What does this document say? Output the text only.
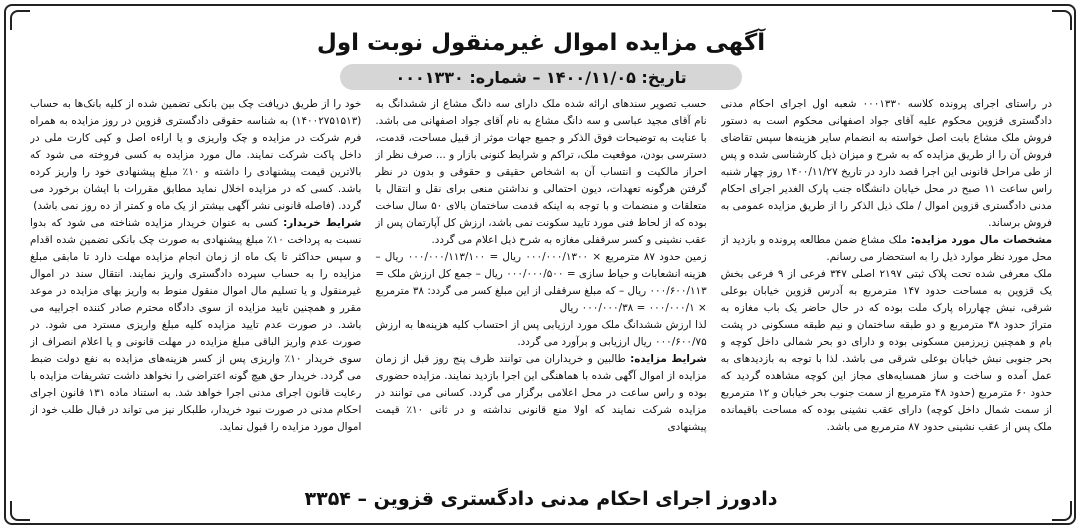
آگهی مزایده اموال غیرمنقول نوبت اول
تاریخ: ۱۴۰۰/۱۱/۰۵ – شماره: ۰۰۰۱۳۳۰

در راستای اجرای پرونده کلاسه ۰۰۰۱۳۳۰ شعبه اول اجرای احکام مدنی دادگستری قزوین محکوم علیه آقای جواد اصفهانی محکوم است به دستور فروش ملک مشاع بابت اصل خواسته به انضمام سایر هزینه‌ها سپس تقاضای فروش آن را از طریق مزایده که به شرح و میزان ذیل کارشناسی شده و پس از طی مراحل قانونی این اجرا قصد دارد در تاریخ ۱۴۰۰/۱۱/۲۷ روز چهار شنبه راس ساعت ۱۱ صبح در محل خیابان دانشگاه جنب پارک الغدیر اجرای احکام مدنی دادگستری قزوین اموال / ملک ذیل الذکر را از طریق مزایده عمومی به فروش برساند.

مشخصات مال مورد مزایده: ملک مشاع ضمن مطالعه پرونده و بازدید از محل مورد نظر موارد ذیل را به استحضار می رسانم.

ملک معرفی شده تحت پلاک ثبتی ۲۱۹۷ اصلی ۳۴۷ فرعی از ۹ فرعی بخش یک قزوین به مساحت حدود ۱۴۷ مترمربع به آدرس قزوین خیابان بوعلی شرقی، نبش چهارراه پارک ملت بوده که در حال حاضر یک باب مغازه به متراژ حدود ۳۸ مترمربع و دو طبقه ساختمان و نیم طبقه مسکونی در پشت بام و همچنین زیرزمین مسکونی بوده و دارای دو بحر شمالی داخل کوچه و بحر جنوبی نبش خیابان بوعلی شرقی می باشد. لذا با توجه به بازدیدهای به عمل آمده و ساخت و ساز همسایه‌های مجاز این کوچه مشاهده گردید که حدود ۶۰ مترمربع (حدود ۴۸ مترمربع از سمت جنوب بحر خیابان و ۱۲ مترمربع از سمت شمال داخل کوچه) دارای عقب نشینی بوده که مساحت باقیمانده ملک پس از عقب نشینی حدود ۸۷ مترمربع می باشد.

حسب تصویر سندهای ارائه شده ملک دارای سه دانگ مشاع از ششدانگ به نام آقای مجید عباسی و سه دانگ مشاع به نام آقای جواد اصفهانی می باشد. با عنایت به توضیحات فوق الذکر و جمیع جهات موثر از قبیل مساحت، قدمت، دسترسی بودن، موقعیت ملک، تراکم و شرایط کنونی بازار و ... صرف نظر از احراز مالکیت و انتساب آن به اشخاص حقیقی و حقوقی و بدون در نظر گرفتن هرگونه تعهدات، دیون احتمالی و نداشتن منعی برای نقل و انتقال با متعلقات و منضمات و با توجه به اینکه قدمت ساختمان بالای ۵۰ سال ساخت بوده که از لحاظ فنی مورد تایید سکونت نمی باشد، ارزش کل آپارتمان پس از عقب نشینی و کسر سرقفلی مغازه به شرح ذیل اعلام می گردد.

زمین حدود ۸۷ مترمربع × ۰۰۰/۰۰۰/۱۳۰۰ ریال = ۰۰۰/۰۰۰/۱۱۳/۱۰۰ ریال – هزینه انشعابات و حیاط سازی = ۰۰۰/۰۰۰/۵۰۰ ریال – جمع کل ارزش ملک = ۰۰۰/۶۰۰/۱۱۳ ریال – که مبلغ سرقفلی از این مبلغ کسر می گردد: ۳۸ مترمربع × ۰۰۰/۰۰۰/۱ = ۰۰۰/۰۰۰/۳۸ ریال

لذا ارزش ششدانگ ملک مورد ارزیابی پس از احتساب کلیه هزینه‌ها به ارزش ۰۰۰/۶۰۰/۷۵ ریال ارزیابی و برآورد می گردد.

شرایط مزایده: طالبین و خریداران می توانند ظرف پنج روز قبل از زمان مزایده از اموال آگهی شده با هماهنگی این اجرا بازدید نمایند. مزایده حضوری بوده و راس ساعت در محل اعلامی برگزار می گردد. کسانی می توانند در مزایده شرکت نمایند که اولا منع قانونی نداشته و در ثانی ۱۰٪ قیمت پیشنهادی

خود را از طریق دریافت چک بین بانکی تضمین شده از کلیه بانک‌ها به حساب (۱۴۰۰۲۷۵۱۵۱۳) به شناسه حقوقی دادگستری قزوین در روز مزایده به همراه فرم شرکت در مزایده و چک واریزی و یا اراءه اصل و کپی کارت ملی در داخل پاکت شرکت نمایند. مال مورد مزایده به کسی فروخته می شود که بالاترین قیمت پیشنهادی را داشته و ۱۰٪ مبلغ پیشنهادی خود را واریز کرده باشد. کسی که در مزایده اخلال نماید مطابق مقررات با ایشان برخورد می گردد. (فاصله قانونی نشر آگهی بیشتر از یک ماه و کمتر از ده روز نمی باشد)

شرایط خریدار: کسی به عنوان خریدار مزایده شناخته می شود که بدوا نسبت به پرداخت ۱۰٪ مبلغ پیشنهادی به صورت چک بانکی تضمین شده اقدام و سپس حداکثر تا یک ماه از زمان انجام مزایده مهلت دارد تا مابقی مبلغ مزایده را به حساب سپرده دادگستری واریز نمایند. انتقال سند در اموال غیرمنقول و یا تسلیم مال اموال منقول منوط به واریز بهای مزایده در موعد مقرر و همچنین تایید مزایده از سوی دادگاه محترم صادر کننده اجراییه می باشد. در صورت عدم تایید مزایده کلیه مبلغ واریزی مسترد می شود. در صورت عدم واریز الباقی مبلغ مزایده در مهلت قانونی و یا اعلام انصراف از سوی خریدار ۱۰٪ واریزی پس از کسر هزینه‌های مزایده به نفع دولت ضبط می گردد. خریدار حق هیچ گونه اعتراضی را نخواهد داشت تشریفات مزایده با رعایت قانون اجرای مدنی اجرا خواهد شد. به استناد ماده ۱۳۱ قانون اجرای احکام مدنی در صورت نبود خریدار، طلبکار نیز می تواند در قبال طلب خود از اموال مورد مزایده را قبول نماید.

دادورز اجرای احکام مدنی دادگستری قزوین – ۳۳۵۴
